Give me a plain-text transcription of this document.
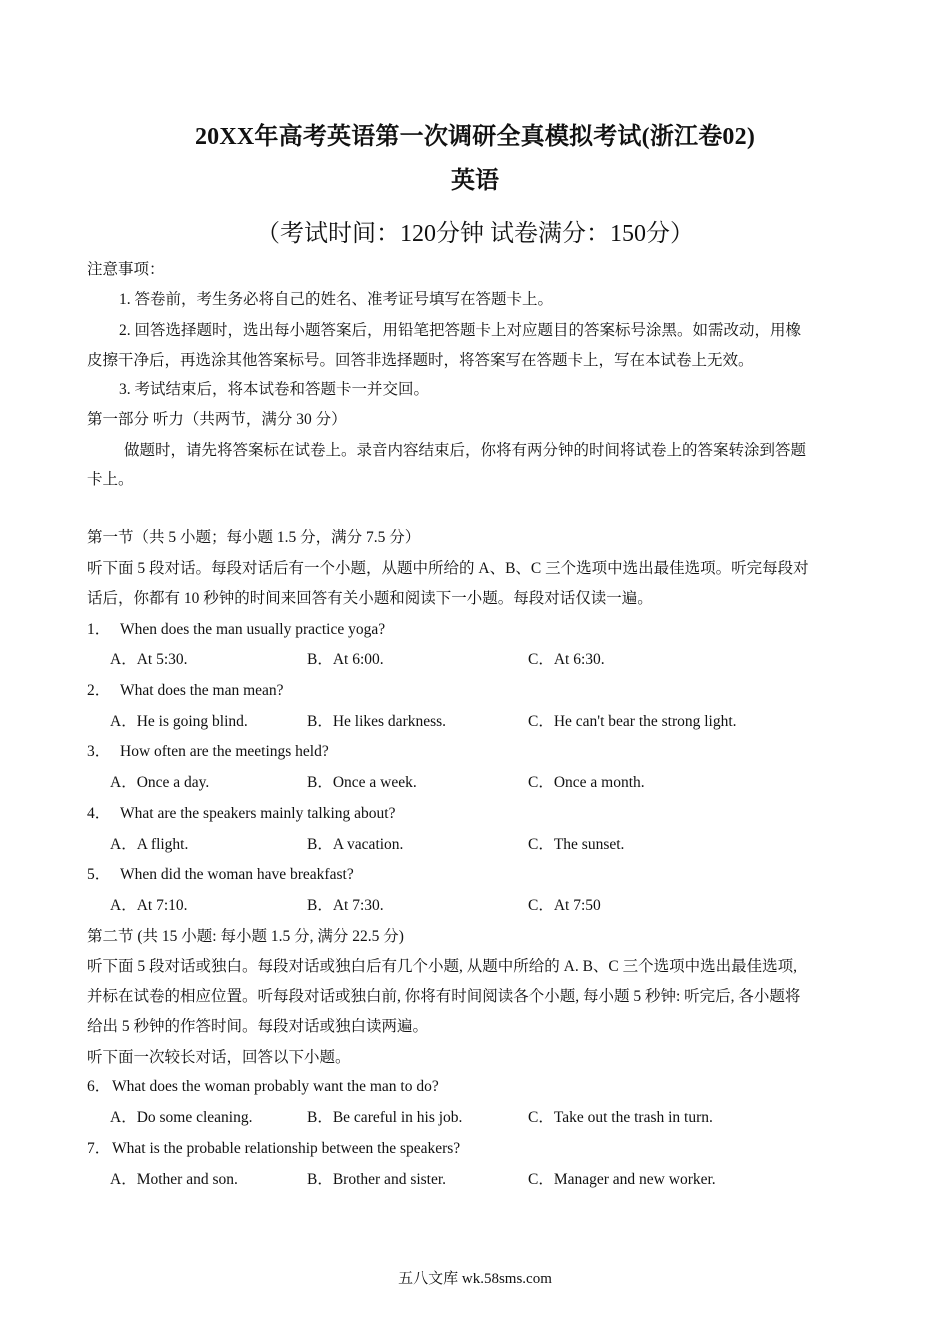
20XX年高考英语第一次调研全真模拟考试(浙江卷02)
英语
（考试时间：120分钟 试卷满分：150分）
注意事项：
1. 答卷前，考生务必将自己的姓名、准考证号填写在答题卡上。
2. 回答选择题时，选出每小题答案后，用铅笔把答题卡上对应题目的答案标号涂黑。如需改动，用橡
皮擦干净后，再选涂其他答案标号。回答非选择题时，将答案写在答题卡上，写在本试卷上无效。
3. 考试结束后，将本试卷和答题卡一并交回。
第一部分 听力（共两节，满分 30 分）
做题时，请先将答案标在试卷上。录音内容结束后，你将有两分钟的时间将试卷上的答案转涂到答题
卡上。
第一节（共 5 小题；每小题 1.5 分，满分 7.5 分）
听下面 5 段对话。每段对话后有一个小题，从题中所给的 A、B、C 三个选项中选出最佳选项。听完每段对
话后，你都有 10 秒钟的时间来回答有关小题和阅读下一小题。每段对话仅读一遍。
1． When does the man usually practice yoga?
A．At 5:30.	B．At 6:00.	C．At 6:30.
2． What does the man mean?
A．He is going blind.	B．He likes darkness.	C．He can't bear the strong light.
3． How often are the meetings held?
A．Once a day.	B．Once a week.	C．Once a month.
4． What are the speakers mainly talking about?
A．A flight.	B．A vacation.	C．The sunset.
5． When did the woman have breakfast?
A．At 7:10.	B．At 7:30.	C．At 7:50
第二节 (共 15 小题: 每小题 1.5 分, 满分 22.5 分)
听下面 5 段对话或独白。每段对话或独白后有几个小题, 从题中所给的 A. B、C 三个选项中选出最佳选项,
并标在试卷的相应位置。听每段对话或独白前, 你将有时间阅读各个小题, 每小题 5 秒钟: 听完后, 各小题将
给出 5 秒钟的作答时间。每段对话或独白读两遍。
听下面一次较长对话，回答以下小题。
6． What does the woman probably want the man to do?
A．Do some cleaning.	B．Be careful in his job.	C．Take out the trash in turn.
7． What is the probable relationship between the speakers?
A．Mother and son.	B．Brother and sister.	C．Manager and new worker.
五八文库 wk.58sms.com
